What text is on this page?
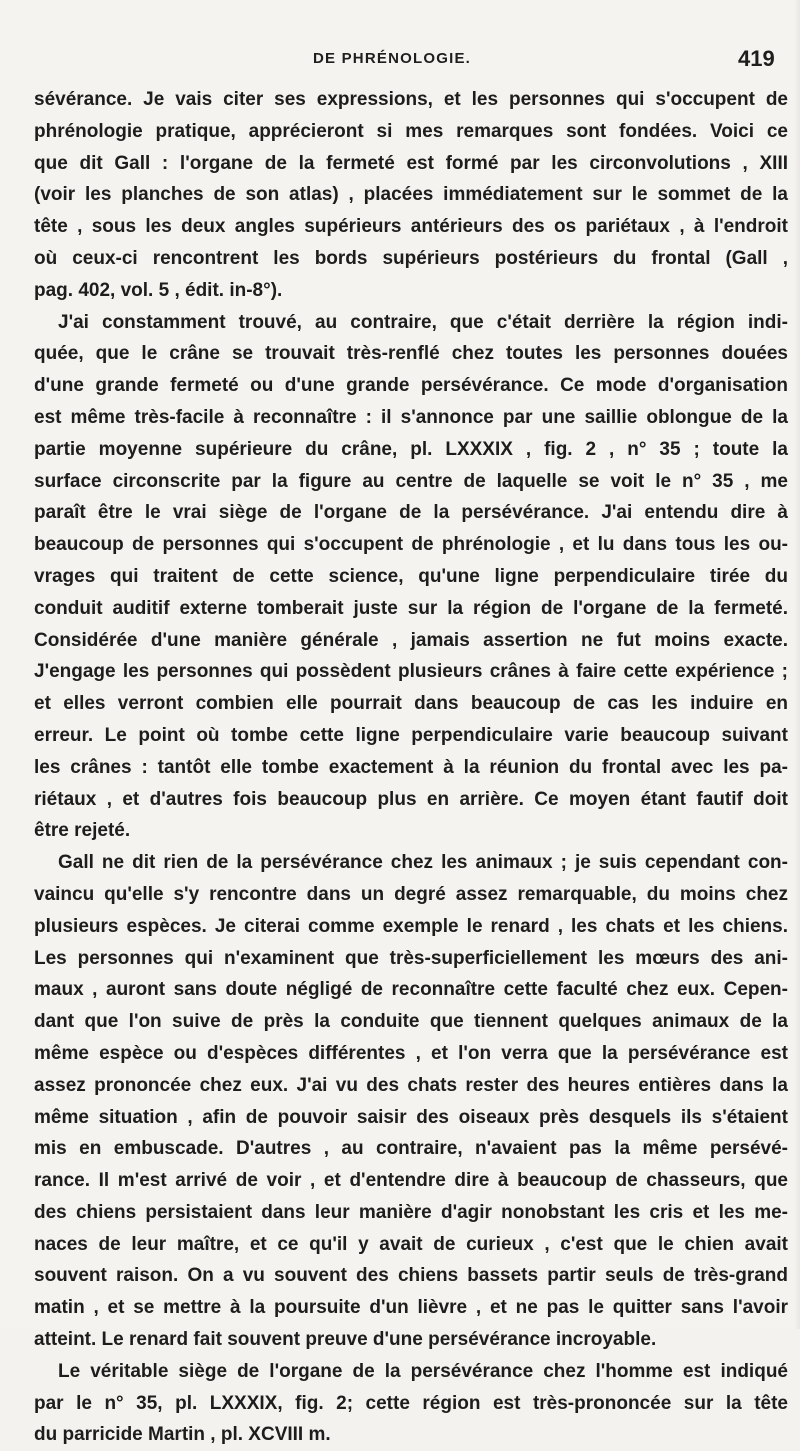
DE PHRÉNOLOGIE.	419
sévérance. Je vais citer ses expressions, et les personnes qui s'occupent de
phrénologie pratique, apprécieront si mes remarques sont fondées. Voici ce
que dit Gall : l'organe de la fermeté est formé par les circonvolutions , XIII
(voir les planches de son atlas) , placées immédiatement sur le sommet de la
tête , sous les deux angles supérieurs antérieurs des os pariétaux , à l'endroit
où ceux-ci rencontrent les bords supérieurs postérieurs du frontal (Gall ,
pag. 402, vol. 5 , édit. in-8°).
J'ai constamment trouvé, au contraire, que c'était derrière la région indi-
quée, que le crâne se trouvait très-renflé chez toutes les personnes douées
d'une grande fermeté ou d'une grande persévérance. Ce mode d'organisation
est même très-facile à reconnaître : il s'annonce par une saillie oblongue de la
partie moyenne supérieure du crâne, pl. LXXXIX , fig. 2 , n° 35 ; toute la
surface circonscrite par la figure au centre de laquelle se voit le n° 35 , me
paraît être le vrai siège de l'organe de la persévérance. J'ai entendu dire à
beaucoup de personnes qui s'occupent de phrénologie , et lu dans tous les ou-
vrages qui traitent de cette science, qu'une ligne perpendiculaire tirée du
conduit auditif externe tomberait juste sur la région de l'organe de la fermeté.
Considérée d'une manière générale , jamais assertion ne fut moins exacte.
J'engage les personnes qui possèdent plusieurs crânes à faire cette expérience ;
et elles verront combien elle pourrait dans beaucoup de cas les induire en
erreur. Le point où tombe cette ligne perpendiculaire varie beaucoup suivant
les crânes : tantôt elle tombe exactement à la réunion du frontal avec les pa-
riétaux , et d'autres fois beaucoup plus en arrière. Ce moyen étant fautif doit
être rejeté.
Gall ne dit rien de la persévérance chez les animaux ; je suis cependant con-
vaincu qu'elle s'y rencontre dans un degré assez remarquable, du moins chez
plusieurs espèces. Je citerai comme exemple le renard , les chats et les chiens.
Les personnes qui n'examinent que très-superficiellement les mœurs des ani-
maux , auront sans doute négligé de reconnaître cette faculté chez eux. Cepen-
dant que l'on suive de près la conduite que tiennent quelques animaux de la
même espèce ou d'espèces différentes , et l'on verra que la persévérance est
assez prononcée chez eux. J'ai vu des chats rester des heures entières dans la
même situation , afin de pouvoir saisir des oiseaux près desquels ils s'étaient
mis en embuscade. D'autres , au contraire, n'avaient pas la même persévé-
rance. Il m'est arrivé de voir , et d'entendre dire à beaucoup de chasseurs, que
des chiens persistaient dans leur manière d'agir nonobstant les cris et les me-
naces de leur maître, et ce qu'il y avait de curieux , c'est que le chien avait
souvent raison. On a vu souvent des chiens bassets partir seuls de très-grand
matin , et se mettre à la poursuite d'un lièvre , et ne pas le quitter sans l'avoir
atteint. Le renard fait souvent preuve d'une persévérance incroyable.
Le véritable siège de l'organe de la persévérance chez l'homme est indiqué
par le n° 35, pl. LXXXIX, fig. 2; cette région est très-prononcée sur la tête
du parricide Martin , pl. XCVIII m.
